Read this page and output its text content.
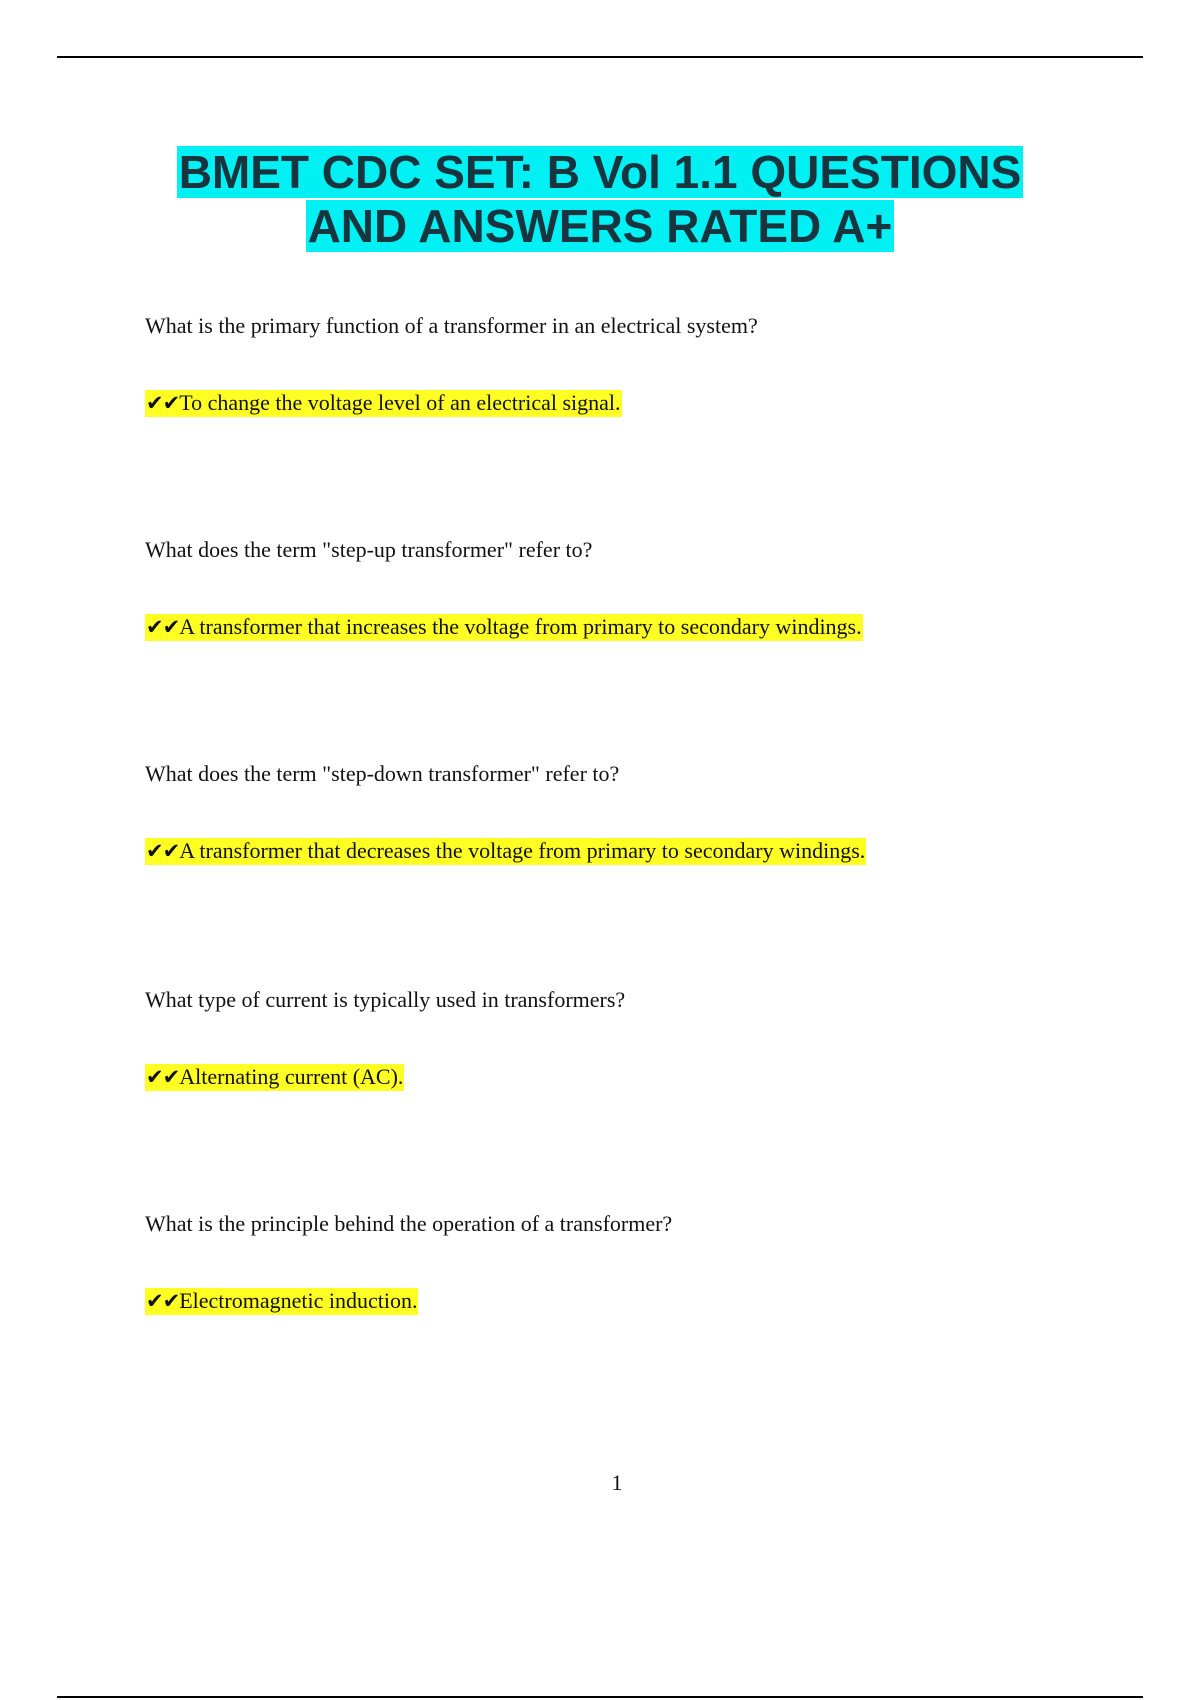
BMET CDC SET: B Vol 1.1 QUESTIONS
AND ANSWERS RATED A+
What is the primary function of a transformer in an electrical system?
✔✔To change the voltage level of an electrical signal.
What does the term "step-up transformer" refer to?
✔✔A transformer that increases the voltage from primary to secondary windings.
What does the term "step-down transformer" refer to?
✔✔A transformer that decreases the voltage from primary to secondary windings.
What type of current is typically used in transformers?
✔✔Alternating current (AC).
What is the principle behind the operation of a transformer?
✔✔Electromagnetic induction.
1
